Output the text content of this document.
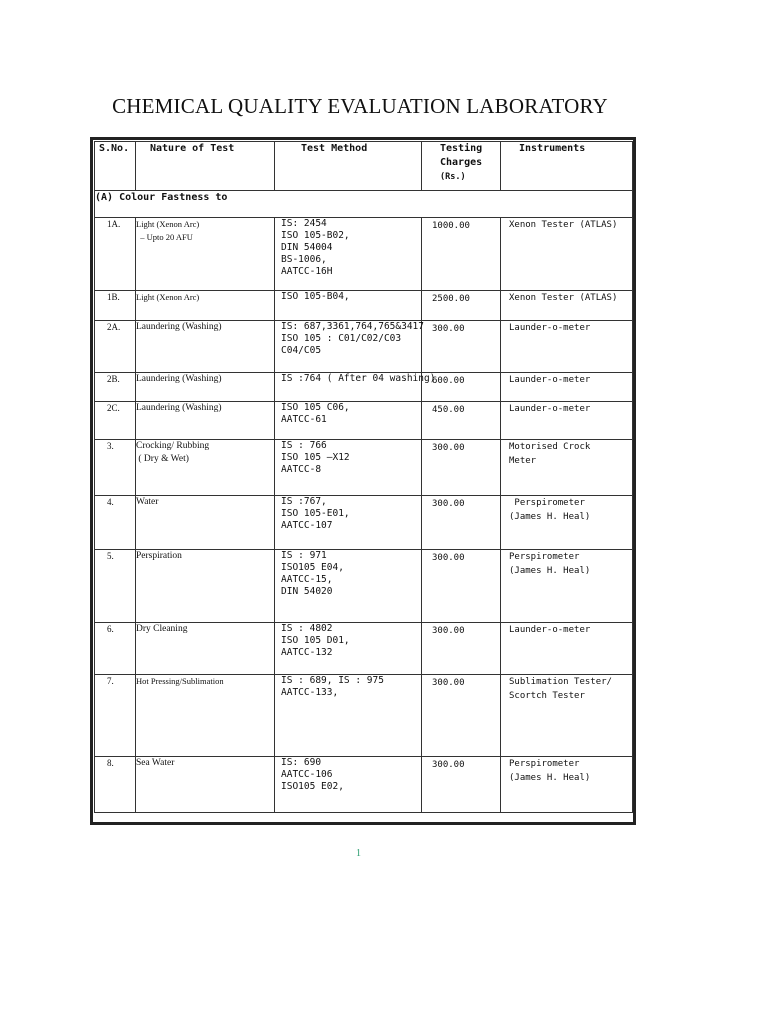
CHEMICAL QUALITY EVALUATION LABORATORY
S.No.	Nature of Test	Test Method	Testing
Charges
(Rs.)	Instruments
(A) Colour Fastness to				
1A.	Light (Xenon Arc)
– Upto 20 AFU	IS: 2454
ISO 105-B02,
DIN 54004
BS-1006,
AATCC-16H	1000.00	Xenon Tester (ATLAS)

1B.	Light (Xenon Arc)	ISO 105-B04,	2500.00	Xenon Tester (ATLAS)

2A.	Laundering (Washing)	IS: 687,3361,764,765&3417
ISO 105 : C01/C02/C03
C04/C05	300.00	Launder-o-meter

2B.	Laundering (Washing)	IS :764 ( After 04 washing)	600.00	Launder-o-meter

2C.	Laundering (Washing)	ISO 105 C06,
AATCC-61	450.00	Launder-o-meter

3.	Crocking/ Rubbing
( Dry & Wet)	IS : 766
ISO 105 –X12
AATCC-8	300.00	Motorised Crock
Meter

4.	Water	IS :767,
ISO 105-E01,
AATCC-107	300.00	Perspirometer
(James H. Heal)

5.	Perspiration	IS : 971
ISO105 E04,
AATCC-15,
DIN 54020	300.00	Perspirometer
(James H. Heal)

6.	Dry Cleaning	IS : 4802
ISO 105 D01,
AATCC-132	300.00	Launder-o-meter

7.	Hot Pressing/Sublimation	IS : 689, IS : 975
AATCC-133,	300.00	Sublimation Tester/
Scortch Tester

8.	Sea Water	IS: 690
AATCC-106
ISO105 E02,	300.00	Perspirometer
(James H. Heal)
1
